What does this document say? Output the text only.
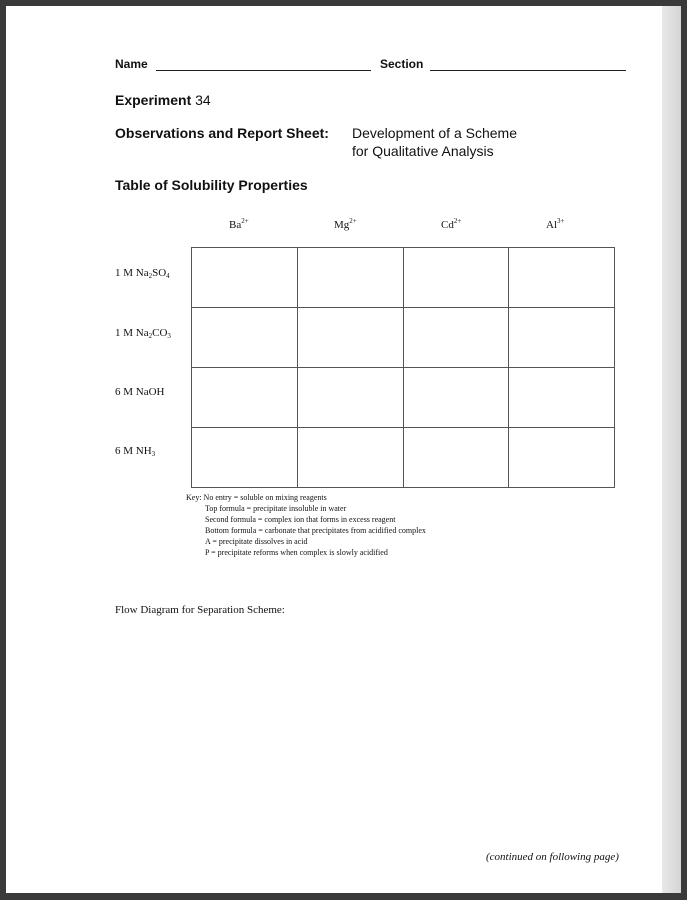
Name	Section
Experiment 34
Observations and Report Sheet: Development of a Scheme
for Qualitative Analysis
Table of Solubility Properties
$Ba^{2+}$	$Mg^{2+}$	$Cd^{2+}$	$Al^{3+}$
1 M $Na_2SO_4$
1 M $Na_2CO_3$
6 M NaOH
6 M $NH_3$

Key: No entry = soluble on mixing reagents
Top formula = precipitate insoluble in water
Second formula = complex ion that forms in excess reagent
Bottom formula = carbonate that precipitates from acidified complex
A = precipitate dissolves in acid
P = precipitate reforms when complex is slowly acidified
Flow Diagram for Separation Scheme:
(continued on following page)
